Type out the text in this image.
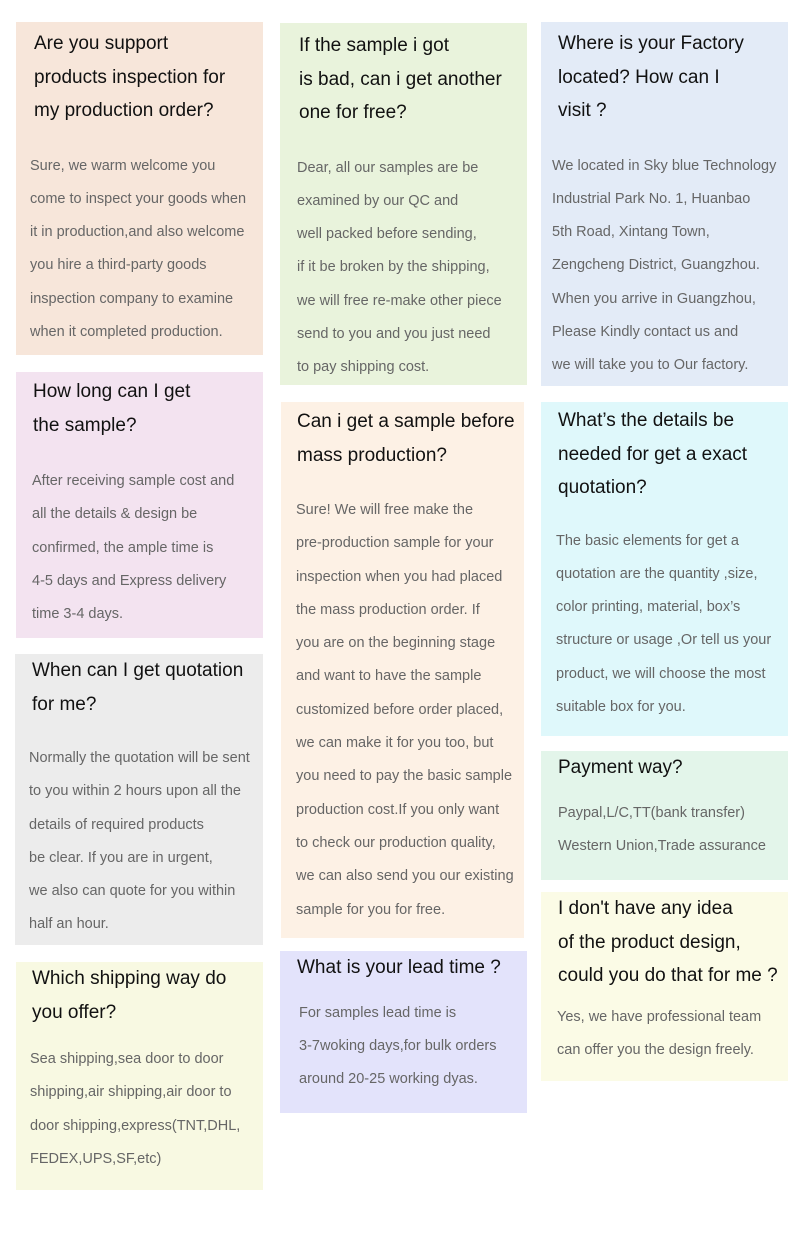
Are you support
products inspection for
my production order?
Sure, we warm welcome you
come to inspect your goods when
it in production,and also welcome
you hire a third-party goods
inspection company to examine
when it completed production.
How long can I get
the sample?
After receiving sample cost and
all the details & design be
confirmed, the ample time is
4-5 days and Express delivery
time 3-4 days.
When can I get quotation
for me?
Normally the quotation will be sent
to you within 2 hours upon all the
details of required products
be clear. If you are in urgent,
we also can quote for you within
half an hour.
Which shipping way do
you offer?
Sea shipping,sea door to door
shipping,air shipping,air door to
door shipping,express(TNT,DHL,
FEDEX,UPS,SF,etc)
If the sample i got
is bad, can i get another
one for free?
Dear, all our samples are be
examined by our QC and
well packed before sending,
if it be broken by the shipping,
we will free re-make other piece
send to you and you just need
to pay shipping cost.
Can i get a sample before
mass production?
Sure! We will free make the
pre-production sample for your
inspection when you had placed
the mass production order. If
you are on the beginning stage
and want to have the sample
customized before order placed,
we can make it for you too, but
you need to pay the basic sample
production cost.If you only want
to check our production quality,
we can also send you our existing
sample for you for free.
What is your lead time ?
For samples lead time is
3-7woking days,for bulk orders
around 20-25 working dyas.
Where is your Factory
located? How can I
visit ?
We located in Sky blue Technology
Industrial Park No. 1, Huanbao
5th Road, Xintang Town,
Zengcheng District, Guangzhou.
When you arrive in Guangzhou,
Please Kindly contact us and
we will take you to Our factory.
What’s the details be
needed for get a exact
quotation?
The basic elements for get a
quotation are the quantity ,size,
color printing, material, box’s
structure or usage ,Or tell us your
product, we will choose the most
suitable box for you.
Payment way?
Paypal,L/C,TT(bank transfer)
Western Union,Trade assurance
I don't have any idea
of the product design,
could you do that for me ?
Yes, we have professional team
can offer you the design freely.
